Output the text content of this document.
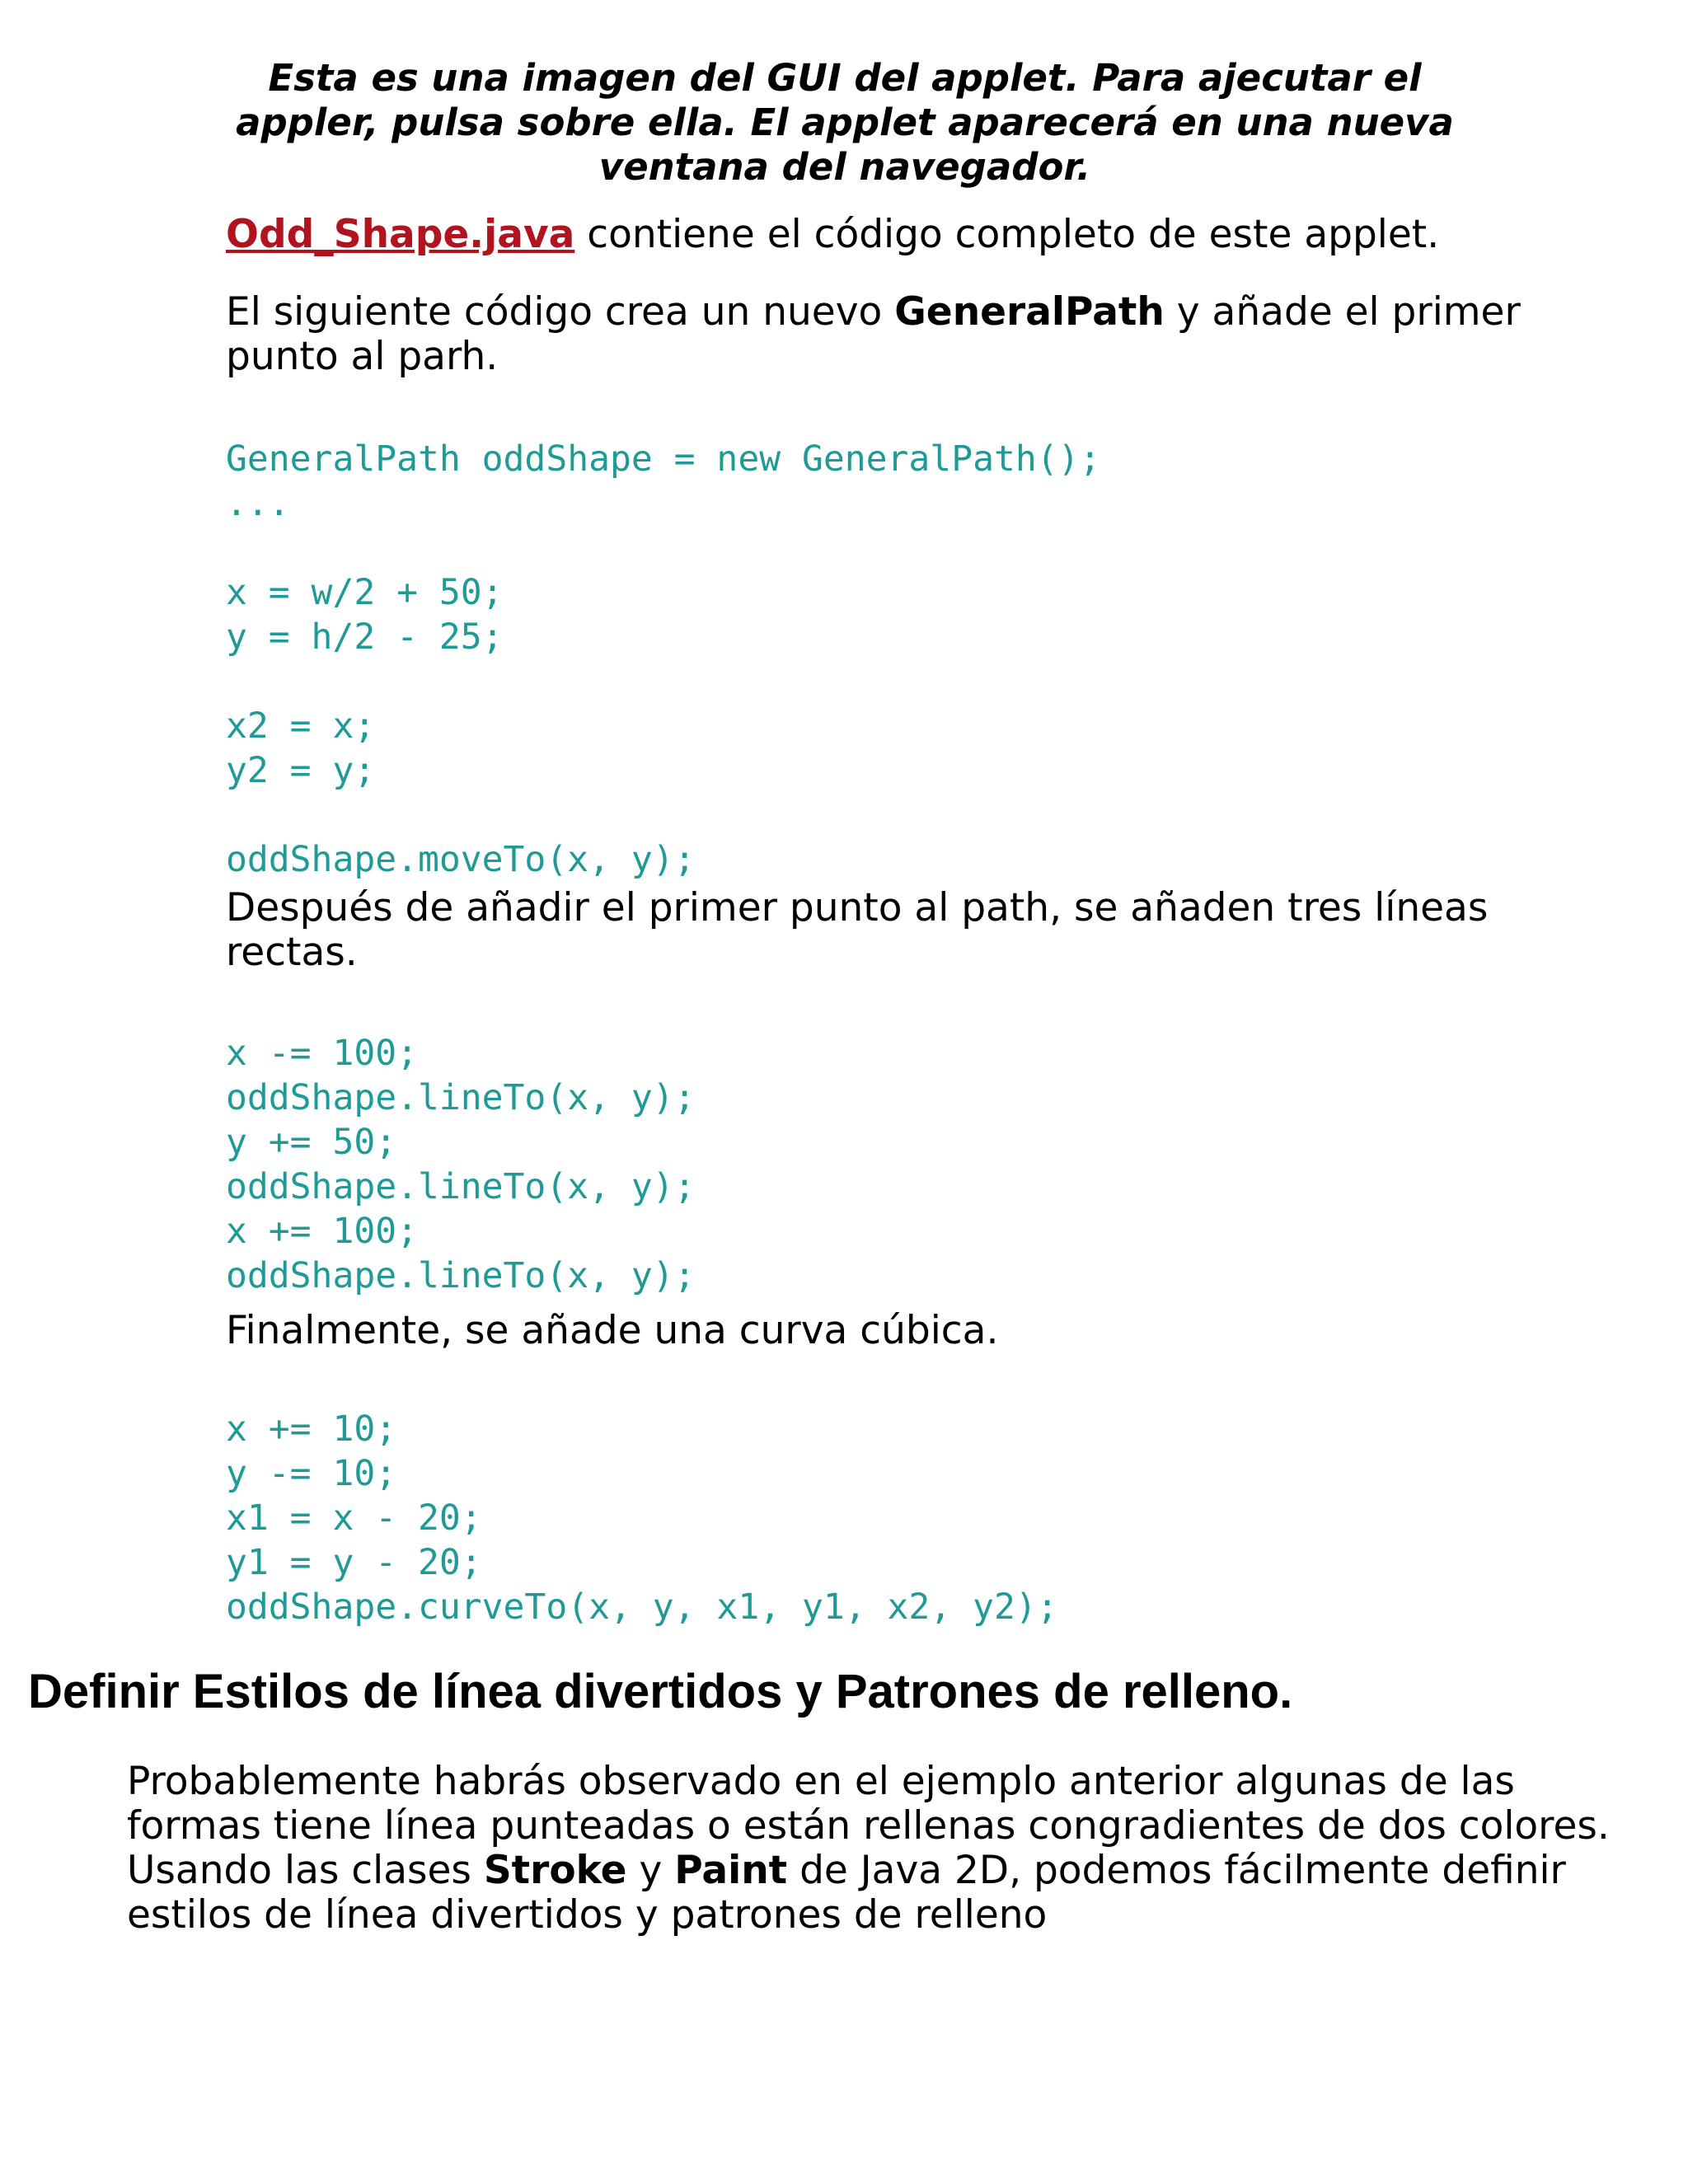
Esta es una imagen del GUI del applet. Para ajecutar el appler, pulsa sobre ella. El applet aparecerá en una nueva ventana del navegador.
Odd_Shape.java contiene el código completo de este applet.
El siguiente código crea un nuevo GeneralPath y añade el primer punto al parh.
GeneralPath oddShape = new GeneralPath();
...
x = w/2 + 50;
y = h/2 - 25;
x2 = x;
y2 = y;
oddShape.moveTo(x, y);
Después de añadir el primer punto al path, se añaden tres líneas rectas.
x -= 100;
oddShape.lineTo(x, y);
y += 50;
oddShape.lineTo(x, y);
x += 100;
oddShape.lineTo(x, y);
Finalmente, se añade una curva cúbica.
x += 10;
y -= 10;
x1 = x - 20;
y1 = y - 20;
oddShape.curveTo(x, y, x1, y1, x2, y2);
Definir Estilos de línea divertidos y Patrones de relleno.
Probablemente habrás observado en el ejemplo anterior algunas de las formas tiene línea punteadas o están rellenas congradientes de dos colores. Usando las clases Stroke y Paint de Java 2D, podemos fácilmente definir estilos de línea divertidos y patrones de relleno
